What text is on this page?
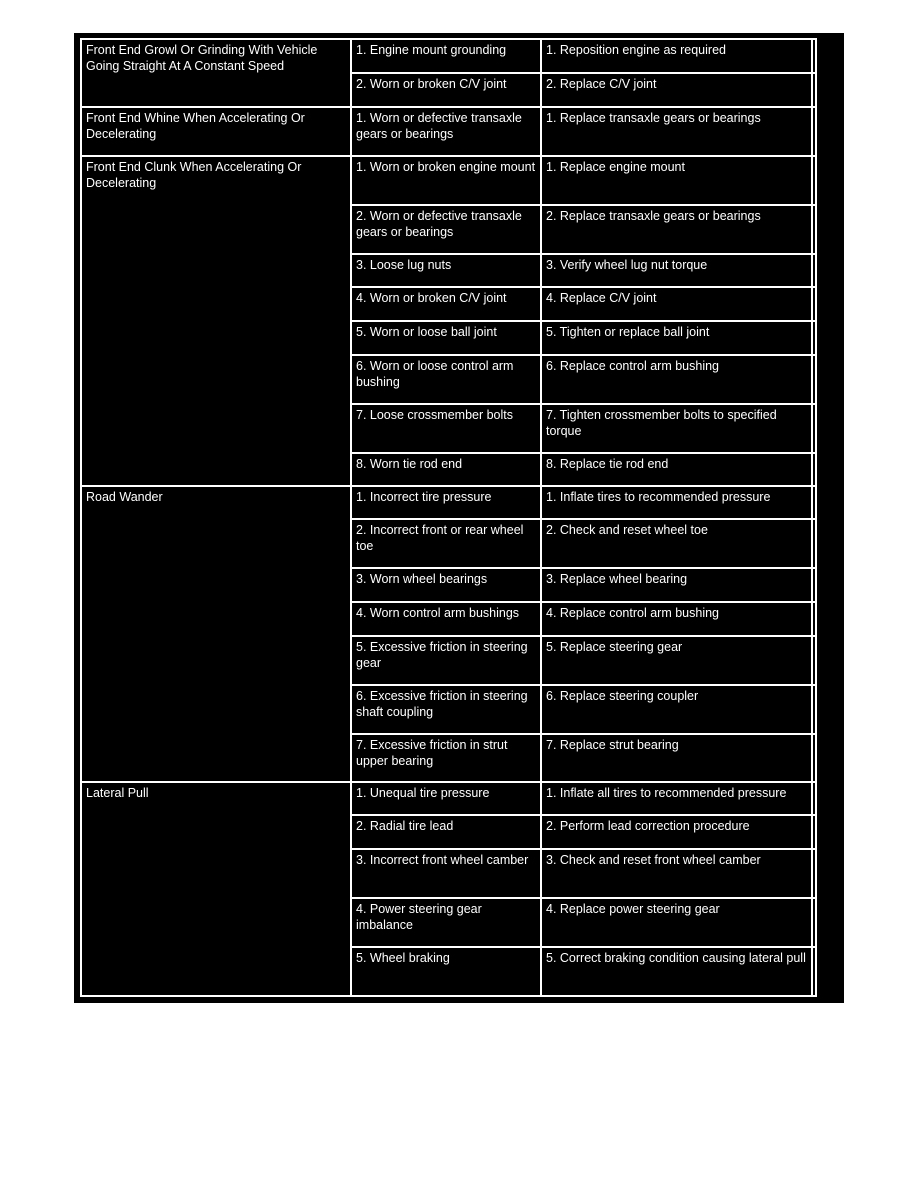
Front End Growl Or Grinding With Vehicle Going Straight At A Constant Speed	1. Engine mount grounding	1. Reposition engine as required	
	2. Worn or broken C/V joint	2. Replace C/V joint	
Front End Whine When Accelerating Or Decelerating	1. Worn or defective transaxle gears or bearings	1. Replace transaxle gears or bearings	
Front End Clunk When Accelerating Or Decelerating	1. Worn or broken engine mount	1. Replace engine mount	
	2. Worn or defective transaxle gears or bearings	2. Replace transaxle gears or bearings	
	3. Loose lug nuts	3. Verify wheel lug nut torque	
	4. Worn or broken C/V joint	4. Replace C/V joint	
	5. Worn or loose ball joint	5. Tighten or replace ball joint	
	6. Worn or loose control arm bushing	6. Replace control arm bushing	
	7. Loose crossmember bolts	7. Tighten crossmember bolts to specified torque	
	8. Worn tie rod end	8. Replace tie rod end	
Road Wander	1. Incorrect tire pressure	1. Inflate tires to recommended pressure	
	2. Incorrect front or rear wheel toe	2. Check and reset wheel toe	
	3. Worn wheel bearings	3. Replace wheel bearing	
	4. Worn control arm bushings	4. Replace control arm bushing	
	5. Excessive friction in steering gear	5. Replace steering gear	
	6. Excessive friction in steering shaft coupling	6. Replace steering coupler	
	7. Excessive friction in strut upper bearing	7. Replace strut bearing	
Lateral Pull	1. Unequal tire pressure	1. Inflate all tires to recommended pressure	
	2. Radial tire lead	2. Perform lead correction procedure	
	3. Incorrect front wheel camber	3. Check and reset front wheel camber	
	4. Power steering gear imbalance	4. Replace power steering gear	
	5. Wheel braking	5. Correct braking condition causing lateral pull	
